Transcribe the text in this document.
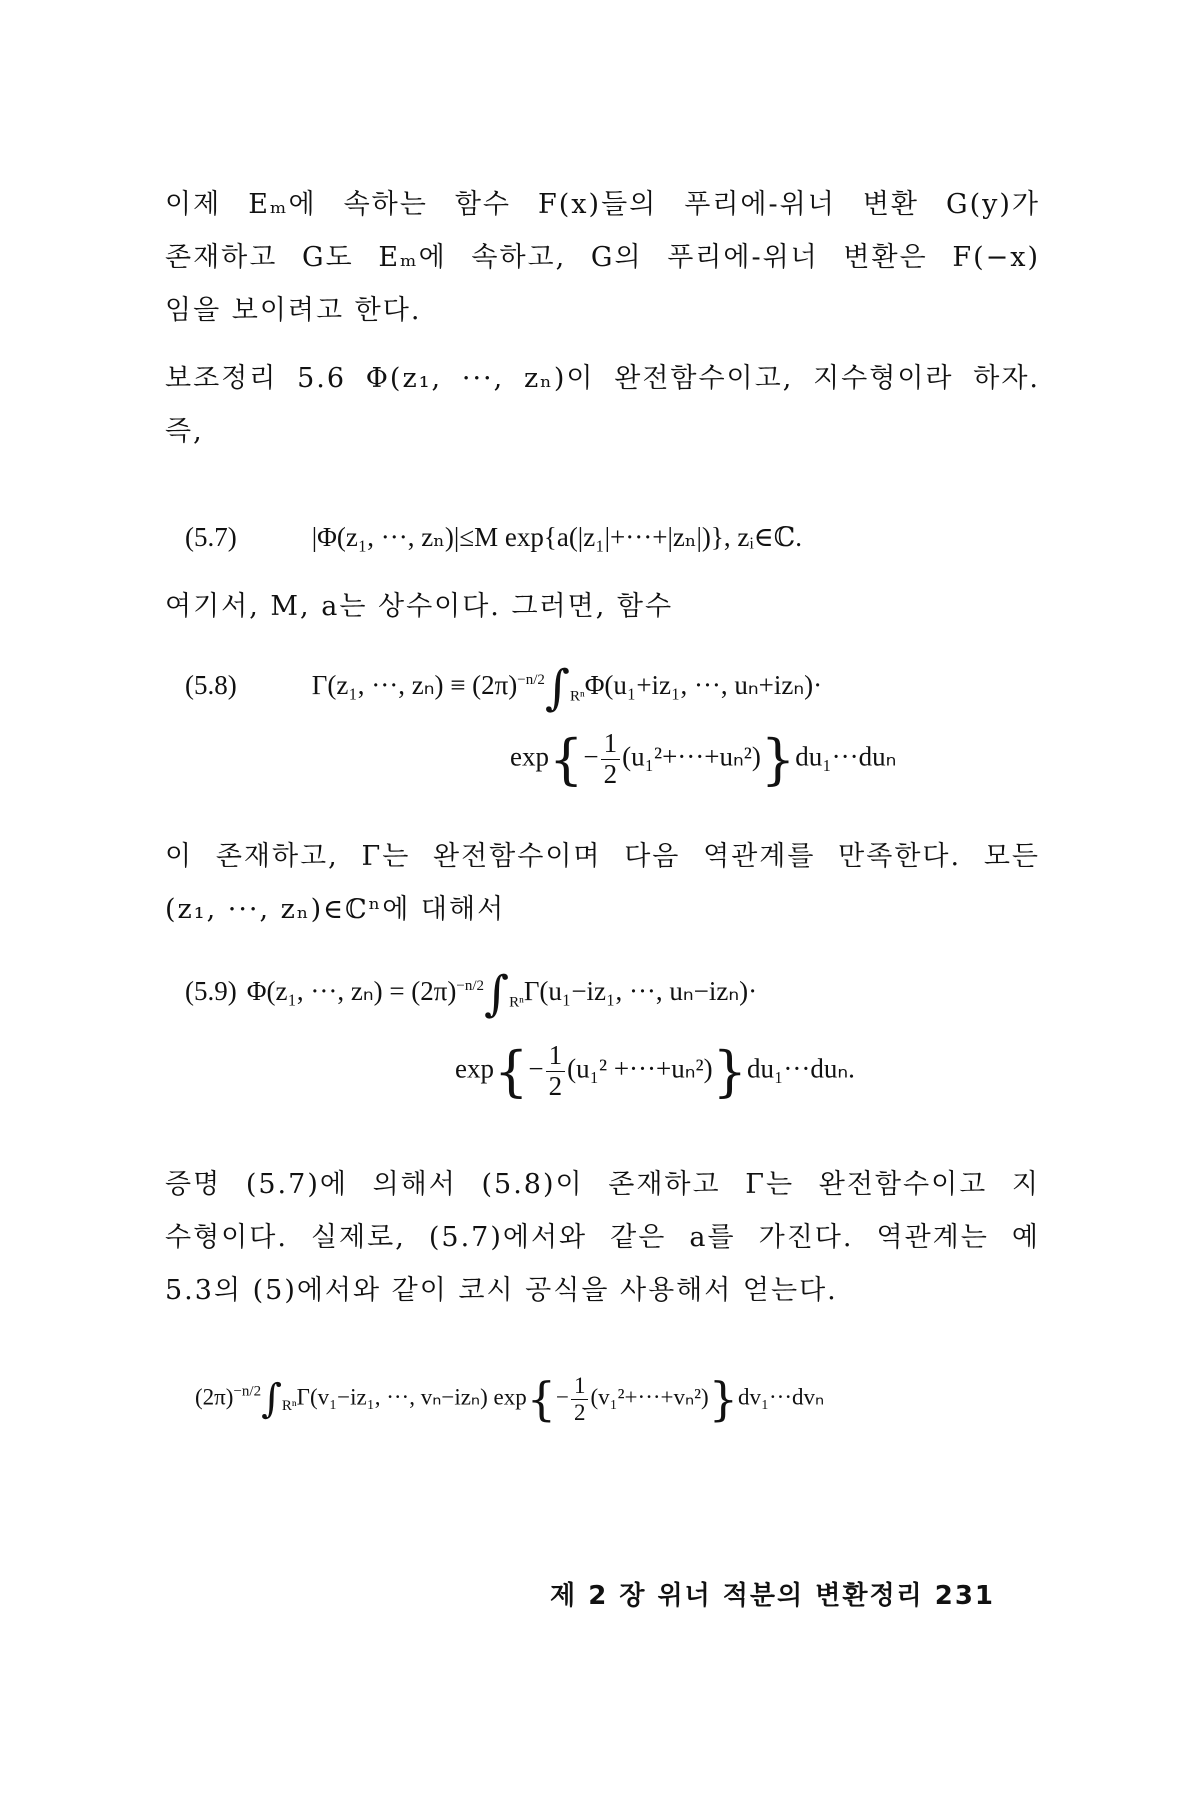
이제 Eₘ에 속하는 함수 F(x)들의 푸리에-위너 변환 G(y)가
존재하고 G도 Eₘ에 속하고, G의 푸리에-위너 변환은 F(−x)
임을 보이려고 한다.
보조정리 5.6 Φ(z₁, ···, zₙ)이 완전함수이고, 지수형이라 하자.
즉,
(5.7)	|Φ(z₁, ···, zₙ)|≤M exp{a(|z₁|+···+|zₙ|)}, zᵢ∈ℂ.
여기서, M, a는 상수이다. 그러면, 함수
(5.8)	Γ(z₁, ···, $z_n) \equiv (2\pi)^{-n/2}\int_{R^n}\Phi(u_1+iz_1$, ···, uₙ+izₙ)·
$\exp\{- \frac{1}{2} (u_1^2+\cdot\cdot\cdot+u_n^2)\}du_1\cdot\cdot\cdot du_n$
이 존재하고, Γ는 완전함수이며 다음 역관계를 만족한다. 모든
(z₁, ···, zₙ)∈ℂⁿ에 대해서
(5.9) Φ(z₁, ···, $z_n) = (2\pi)^{-n/2}\int_{R^n}\Gamma(u_1-iz_1$, ···, uₙ−izₙ)·
$\exp\{- \frac{1}{2} (u_1^2 +\cdot\cdot\cdot+u_n^2)\}du_1\cdot\cdot\cdot du_n$.
증명 (5.7)에 의해서 (5.8)이 존재하고 Γ는 완전함수이고 지
수형이다. 실제로, (5.7)에서와 같은 a를 가진다. 역관계는 예
5.3의 (5)에서와 같이 코시 공식을 사용해서 얻는다.
$(2\pi)^{-n/2}\int_{R^n}\Gamma(v_1-iz_1$, ···, vₙ−izₙ) $\exp\{- \frac{1}{2} (v_1^2+\cdot\cdot\cdot+v_n^2)\}dv_1\cdot\cdot\cdot dv_n$
제 2 장 위너 적분의 변환정리 231
